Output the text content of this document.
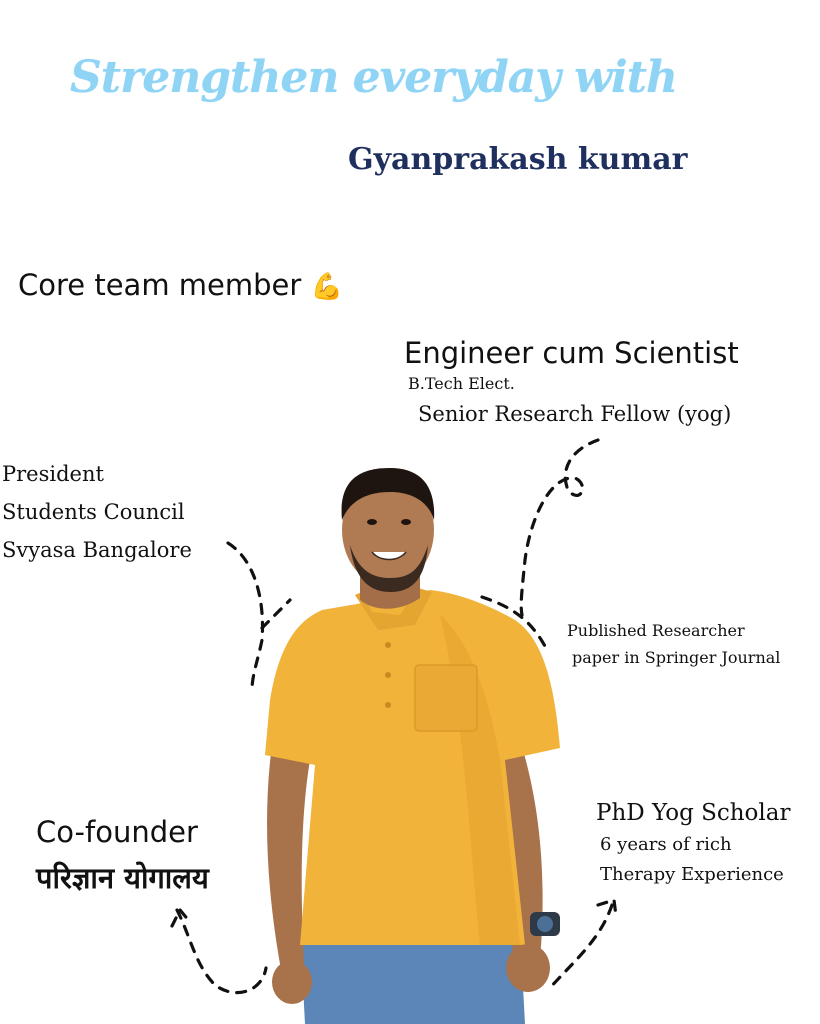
Strengthen everyday with
Gyanprakash kumar
Core team member 💪
Engineer cum Scientist
B.Tech Elect.
Senior Research Fellow (yog)
President
Students Council
Svyasa Bangalore
Published Researcher
paper in Springer Journal
PhD Yog Scholar
6 years of rich
Therapy Experience
Co-founder
परिज्ञान योगालय
